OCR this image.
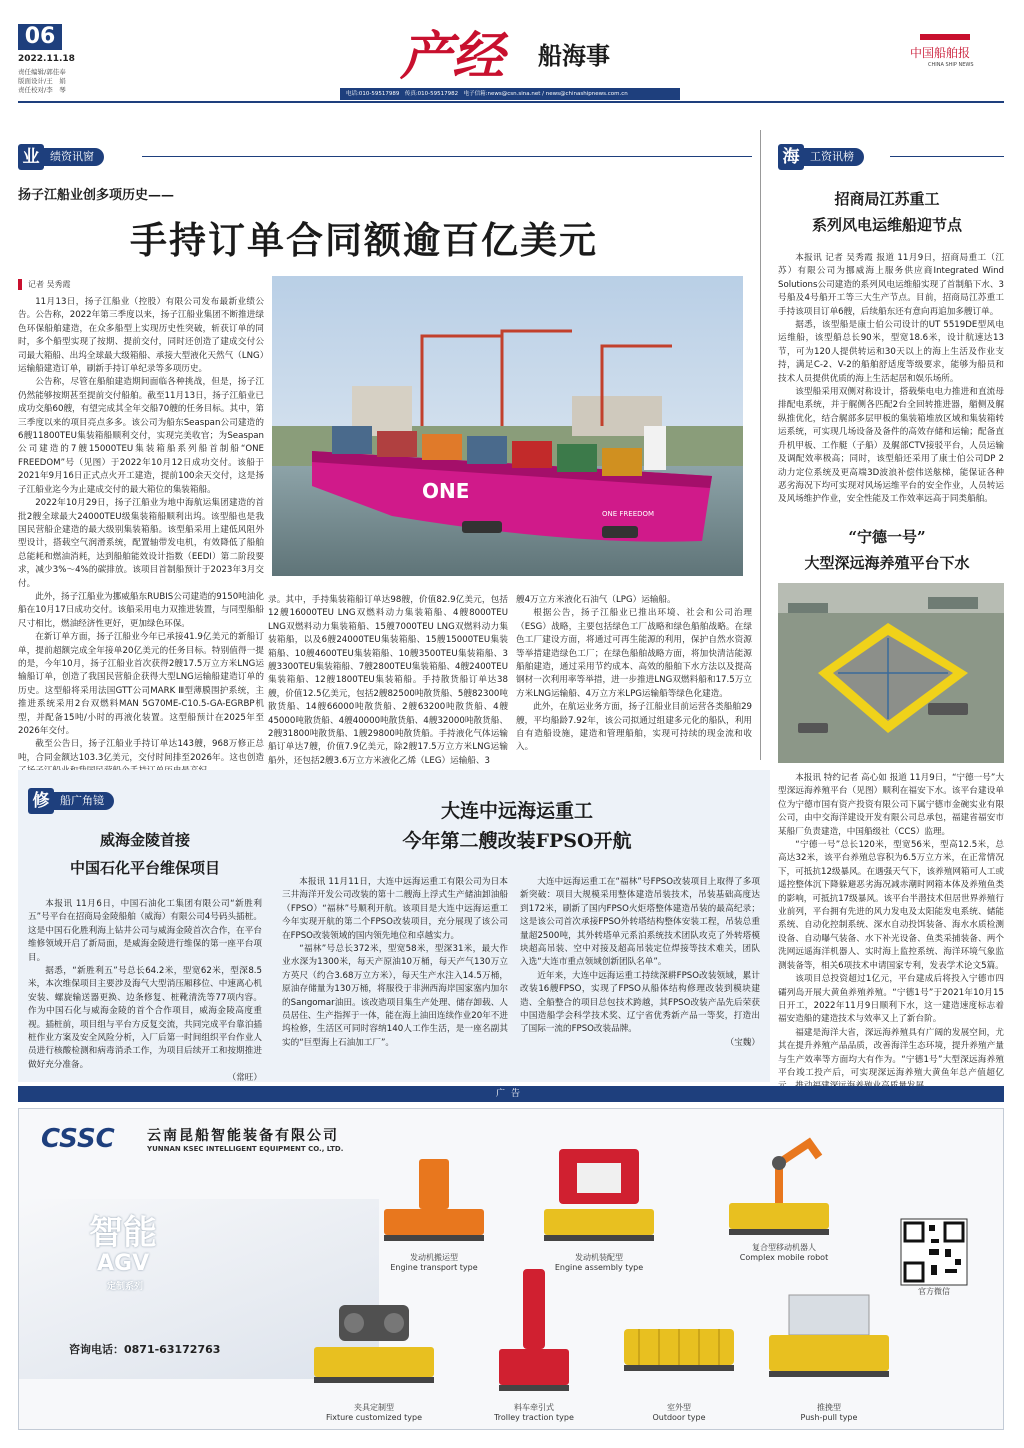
06
2022.11.18
责任编辑/郭佳奉
版面设计/王　娟
责任校对/李　琴
产经 船海事	中国船舶报
CHINA SHIP NEWS
电话:010-59517989　传真:010-59517982　电子信箱:news@csn.sina.net / news@chinashipnews.com.cn
业 绩资讯窗	海 工资讯榜
扬子江船业创多项历史——
手持订单合同额逾百亿美元
记者 吴秀霞

11月13日，扬子江船业（控股）有限公司发布最新业绩公告。公告称，2022年第三季度以来，扬子江船业集团不断推进绿色环保船舶建造，在众多船型上实现历史性突破，斩获订单的同时，多个船型实现了按期、提前交付，同时还创造了建成交付公司最大箱船、出坞全球最大级箱船、承接大型液化天然气（LNG）运输船建造订单，刷新手持订单纪录等多项历史。

公告称，尽管在船舶建造期间面临各种挑战，但是，扬子江仍然能够按期甚至提前交付船舶。截至11月13日，扬子江船业已成功交船60艘，有望完成其全年交船70艘的任务目标。其中，第三季度以来的项目亮点多多。该公司为船东Seaspan公司建造的6艘11800TEU集装箱船顺利交付，实现完美收官；为Seaspan公司建造的7艘15000TEU集装箱船系列船首制船“ONE FREEDOM”号（见图）于2022年10月12日成功交付。该船于2021年9月16日正式点火开工建造，提前100余天交付，这是扬子江船业迄今为止建成交付的最大箱位的集装箱船。

2022年10月29日，扬子江船业为地中海航运集团建造的首批2艘全球最大24000TEU级集装箱船顺利出坞。该型船也是我国民营船企建造的最大级别集装箱船。该型船采用上建低风阻外型设计，搭载空气润滑系统，配置轴带发电机，有效降低了船舶总能耗和燃油消耗，达到船舶能效设计指数（EEDI）第二阶段要求，减少3%～4%的碳排放。该项目首制船预计于2023年3月交付。

此外，扬子江船业为挪威船东RUBIS公司建造的9150吨油化船在10月17日成功交付。该船采用电力双推进装置，与同型船船尺寸相比，燃油经济性更好，更加绿色环保。

在新订单方面，扬子江船业今年已承接41.9亿美元的新船订单，提前超额完成全年接单20亿美元的任务目标。特别值得一提的是，今年10月，扬子江船业首次获得2艘17.5万立方米LNG运输船订单，创造了我国民营船企获得大型LNG运输船建造订单的历史。这型船将采用法国GTT公司MARK Ⅲ型薄膜围护系统，主推进系统采用2台双燃料MAN 5G70ME-C10.5-GA-EGRBP机型，并配备15吨/小时的再液化装置。这型船预计在2025年至2026年交付。

截至公告日，扬子江船业手持订单达143艘，968万修正总吨，合同金额达103.3亿美元，交付时间排至2026年。这也创造

ONE
ONE FREEDOM

录。其中，手持集装箱船订单达98艘，价值82.9亿美元，包括12艘16000TEU LNG双燃料动力集装箱船、4艘8000TEU LNG双燃料动力集装箱船、15艘7000TEU LNG双燃料动力集装箱船，以及6艘24000TEU集装箱船、15艘15000TEU集装箱船、10艘4600TEU集装箱船、10艘3500TEU集装箱船、3艘3300TEU集装箱船、7艘2800TEU集装箱船、4艘2400TEU集装箱船、12艘1800TEU集装箱船。手持散货船订单达38艘，价值12.5亿美元，包括2艘82500吨散货船、5艘82300吨散货船、14艘66000吨散货船、2艘63200吨散货船、4艘45000吨散货船、4艘40000吨散货船、4艘32000吨散货船、2艘31800吨散货船、1艘29800吨散货船。手持液化气体运输船订单达7艘，价值7.9亿美元，除2艘17.5万立方米LNG运输船外，还包括2艘3.6万立方米液化乙烯（LEG）运输船、3

艘4万立方米液化石油气（LPG）运输船。

根据公告，扬子江船业已推出环境、社会和公司治理（ESG）战略，主要包括绿色工厂战略和绿色船舶战略。在绿色工厂建设方面，将通过可再生能源的利用，保护自然水资源等举措建造绿色工厂；在绿色船舶战略方面，将加快清洁能源船舶建造，通过采用节约成本、高效的船舶下水方法以及提高钢材一次利用率等举措，进一步推进LNG双燃料船和17.5万立方米LNG运输船、4万立方米LPG运输船等绿色化建造。

此外，在航运业务方面，扬子江船业目前运营各类船舶29艘，平均船龄7.92年，该公司拟通过组建多元化的船队，利用自有造船设施，建造和管理船舶，实现可持续的现金流和收入。

招商局江苏重工
系列风电运维船迎节点

本报讯 记者 吴秀霞 报道 11月9日，招商局重工（江苏）有限公司为挪威海上服务供应商Integrated Wind Solutions公司建造的系列风电运维船实现了首制船下水、3号船及4号船开工等三大生产节点。目前，招商局江苏重工手持该项目订单6艘，后续船东还有意向再追加多艘订单。

据悉，该型船是康士伯公司设计的UT 5519DE型风电运维船，该型船总长90米，型宽18.6米，设计航速达13节，可为120人提供转运和30天以上的海上生活及作业支持，满足C-2、V-2的船舶舒适度等级要求，能够为船员和技术人员提供优质的海上生活起居和娱乐场所。

该型船采用双侧对称设计，搭载柴电电力推进和直流母排配电系统，并于艉侧各匹配2台全回转推进器，艏侧及艉纵推优化，结合艉部多层甲板的集装箱堆放区域和集装箱转运系统，可实现几场设备及备件的高效存储和运输；配备直升机甲板、工作艇（子船）及艉部CTV接驳平台，人员运输及调配效率极高；同时，该型船还采用了康士伯公司DP 2动力定位系统及更高端3D波浪补偿伟送舷梯，能保证各种恶劣海况下均可实现对风场运维平台的安全作业，人员转运及风场维护作业，安全性能及工作效率远高于同类船舶。

“宁德一号”
大型深远海养殖平台下水

本报讯 特约记者 高心如 报道 11月9日，“宁德一号”大型深远海养殖平台（见图）顺利在福安下水。该平台建设单位为宁德市国有资产投资有限公司下属宁德市金碗实业有限公司，由中交海洋建设开发有限公司总承包，福建省福安市某船厂负责建造，中国船级社（CCS）监理。

“宁德一号”总长120米，型宽56米，型高12.5米，总高达32米，该平台养殖总容积为6.5万立方米，在正常情况下，可抵抗12级暴风。在遇强天气下，该养殖网箱可人工或遥控整体沉下降躲避恶劣海况减赤潮时网箱本体及养殖鱼类的影响，可抵抗17级暴风。该平台半潜技术但居世界养殖行业前列，平台拥有先进的风力发电及太阳能发电系统、储能系统、自动化控制系统、深水自动投饵装备、海水水质检测设备、自动曝气装备、水下补光设备、鱼类采捕装备、两个洗网远遥海洋机器人、实时海上监控系统、海洋环境气象监测装备等，相关6项技术申请国家专利，发表学术论文5篇。

该项目总投资超过1亿元，平台建成后将投入宁德市四礵列岛开展大黄鱼养殖养殖。“宁德1号”于2021年10月15日开工，2022年11月9日顺利下水，这一建造速度标志着福安造船的建造技术与效率又上了新台阶。

福建是海洋大省，深远海养殖具有广阔的发展空间，尤其在提升养殖产品品质，改善海洋生态环境，提升养殖产量与生产效率等方面均大有作为。“宁德1号”大型深远海养殖平台竣工投产后，可实现深远海养殖大黄鱼年总产值超亿

修 船广角镜
威海金陵首接
中国石化平台维保项目

本报讯 11月6日，中国石油化工集团有限公司“新胜利五”号平台在招商局金陵船舶（威海）有限公司4号码头插桩。这是中国石化胜利海上钻井公司与威海金陵首次合作，在平台维修领域开启了新局面，是威海金陵进行维保的第一座平台项目。

据悉，“新胜利五”号总长64.2米，型宽62米，型深8.5米，本次维保项目主要涉及海气大型消压厢移位、中速离心机安装、螺旋输送器更换、边条修复、桩靴清洗等77项内容。作为中国石化与威海金陵的首个合作项目，威海金陵高度重视。插桩前，项目组与平台方反复交流，共同完成平台靠泊插桩作业方案及安全风险分析，入厂后第一时间组织平台作业人员进行核酸检测和病毒消杀工作，为项目后续开工和按期推进做好充分准备。

（常旺）
大连中远海运重工
今年第二艘改装FPSO开航

本报讯 11月11日，大连中远海运重工有限公司为日本三井海洋开发公司改装的第十二艘海上浮式生产储油卸油船（FPSO）“福林”号顺利开航。该项目是大连中远海运重工今年实现开航的第二个FPSO改装项目，充分展现了该公司在FPSO改装领域的国内领先地位和卓越实力。

“福林”号总长372米，型宽58米，型深31米，最大作业水深为1300米，每天产原油10万桶，每天产气130万立方英尺（约合3.68万立方米），每天生产水注入14.5万桶，原油存储量为130万桶，将服役于非洲西海岸国家塞内加尔的Sangomar油田。该改造项目集生产处理、储存卸载、人员居住、生产指挥于一体，能在海上油田连续作业20年不进坞检修，生活区可同时容纳140人工作生活，是一座名副其实的“巨型海上石油加工厂”。

大连中远海运重工在“福林”号FPSO改装项目上取得了多项新突破：项目大规模采用整体建造吊装技术，吊装基础高度达到172米，刷新了国内FPSO火炬塔整体建造吊装的最高纪录；这是该公司首次承接FPSO外转塔结构整体安装工程，吊装总重量超2500吨，其外转塔单元系泊系统技术团队攻克了外转塔模块超高吊装、空中对接及超高吊装定位焊接等技术难关，团队入选“大连市重点领域创新团队名单”。

近年来，大连中远海运重工持续深耕FPSO改装领域，累计改装16艘FPSO，实现了FPSO从船体结构修理改装到模块建造、全船整合的项目总包技术跨越，其FPSO改装产品先后荣获中国造船学会科学技术奖、辽宁省优秀新产品一等奖，打造出了国际一流的FPSO改装品牌。

（宝魏）
广告
CSSC 云南昆船智能装备有限公司
YUNNAN KSEC INTELLIGENT EQUIPMENT CO., LTD.
智能
AGV
定制系列
咨询电话：0871-63172763
发动机搬运型
Engine transport type
发动机装配型
Engine assembly type
复合型移动机器人
Complex mobile robot
官方微信
夹具定制型
Fixture customized type
料车牵引式
Trolley traction type
室外型
Outdoor type
推挽型
Push-pull type
